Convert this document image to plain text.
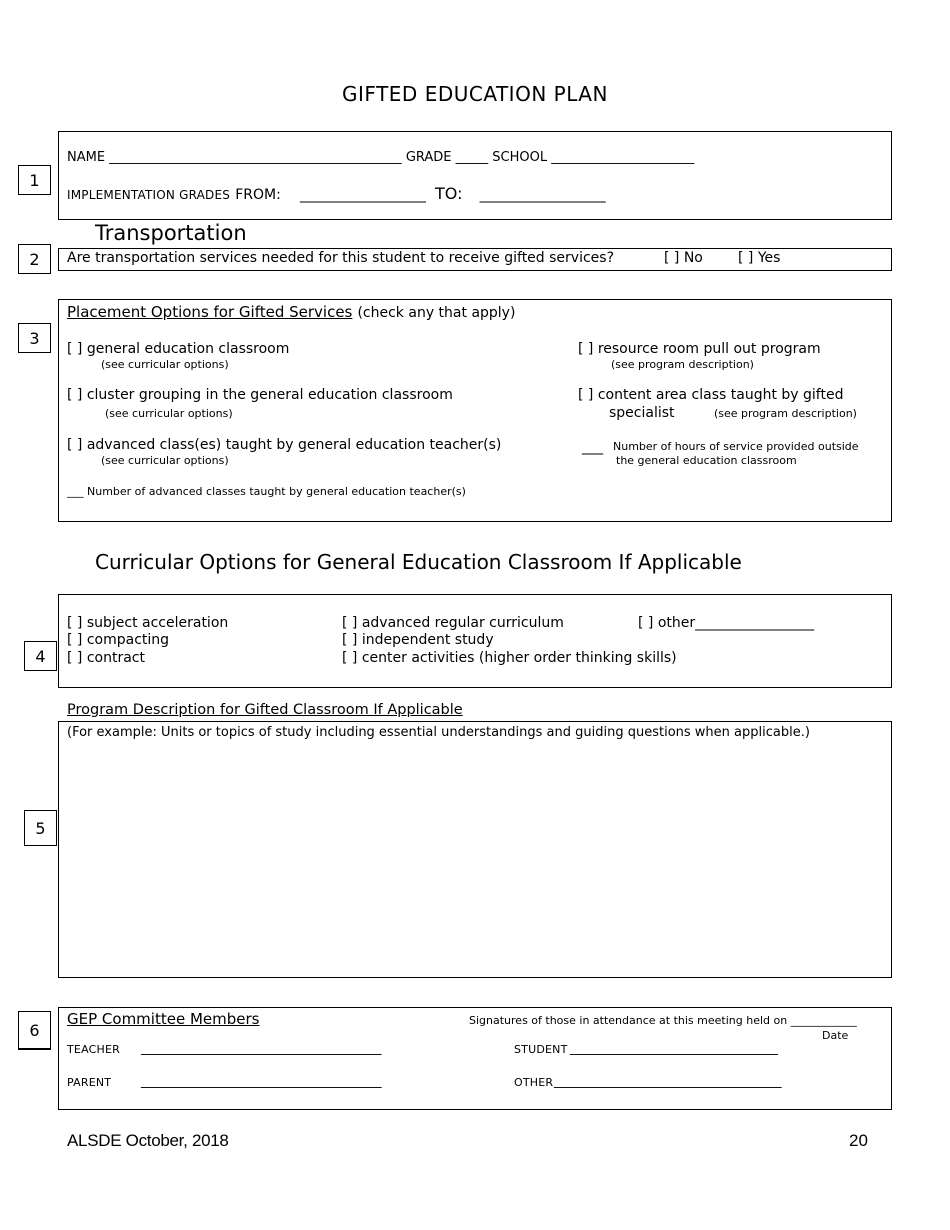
GIFTED EDUCATION PLAN
1
NAME _____________________________________________ GRADE _____ SCHOOL ______________________
IMPLEMENTATION GRADES FROM: __________________ TO: __________________
Transportation
2	Are transportation services needed for this student to receive gifted services?	[ ] No	[ ] Yes
3
Placement Options for Gifted Services (check any that apply)
[ ] general education classroom
(see curricular options)
[ ] cluster grouping in the general education classroom
(see curricular options)
[ ] advanced class(es) taught by general education teacher(s)
(see curricular options)
___ Number of advanced classes taught by general education teacher(s)
[ ] resource room pull out program
(see program description)
[ ] content area class taught by gifted
specialist	(see program description)
___ Number of hours of service provided outside
the general education classroom
Curricular Options for General Education Classroom If Applicable
4
[ ] subject acceleration
[ ] compacting
[ ] contract
[ ] advanced regular curriculum
[ ] independent study
[ ] center activities (higher order thinking skills)
[ ] other_________________
Program Description for Gifted Classroom If Applicable
5
(For example: Units or topics of study including essential understandings and guiding questions when applicable.)
6
GEP Committee Members	Signatures of those in attendance at this meeting held on ____________
Date
TEACHER _____________________________________
PARENT _____________________________________
STUDENT ________________________________
OTHER ___________________________________
ALSDE October, 2018	20
